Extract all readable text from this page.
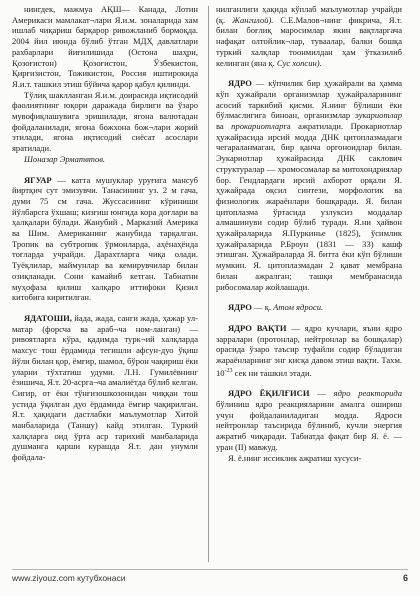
нингдек, мажмуа АҚШ— Канада, Лотин Америкаси мамлакат¬лари Я.и.м. зоналарида хам ишлаб чиқариш барқарор ривожланиб бормоқда. 2004 йил июнда бўлиб ўтган МДҲ давлатлари рахбарлари йиғилишида (Остона шаҳри, Қозоғистон) Қозоғистон, Ўзбекистон, Қирғизистон, Тожикистон, Россия иштирокида Я.и.т. ташкил этиш бўйича қарор қабул қилинди.

Тўлиқ шаклланган Я.и.м. доирасида иқтисодий фаолиятнинг юқори даражада бирлиги ва ўзаро мувофиқлашувига эришилади, ягона валютадан фойдаланилади, ягона божхона бож¬лари жорий этилади, ягона иқтисодий сиёсат асослари яратилади.

Шоназар Эрматвтов.

ЯГУАР — катта мушуклар уруғига мансуб йиртқич сут эмизувчи. Танасининг уз. 2 м гача, думи 75 см гача. Жуссасининг кўриниши йўлбарсга ўхшаш; кизғиш юнгида кора доғлари ва ҳалқалари бўлади. Жанубий , Марказий Америка ва Шим. Американинг жанубида тарқалган. Тропик ва субтропик ўрмонларда, аҳёнаҳёнда тоғларда учрайди. Дарахтларга чиқа олади. Туёқлилар, маймунлар ва кемирувчилар билан озиқланади. Сони камайиб кетган. Табиатни муҳофаза қилиш халқаро иттифоки Қизил китобига киритилган.

ЯДАТОШИ, йада, жада, санги жада, ҳажар ул-матар (форсча ва араб¬ча ном-ланган) — ривоятларга кўра, қадимда турк¬ий халқларда махсус тош ёрдамида тегишли афсун-дуо ўқиш йўли билан қор, ёмғир, шамол, бўрон чақириш ёки уларни тўхтатиш удуми. Л.Н. Гумилёвнинг ёзишича, Я.т. 20-асрга¬ча амалиётда бўлиб келган. Сигир, от ёки тўнғизошкозонидан чиққан тош устида ўқилган дуо ёрдамида ёмғир чақирилган. Я.т. ҳақидаги дастлабки маълумотлар Хитой манбаларида (Таншу) кайд этилган. Туркий халқларга оид ўрта аср тарихий манбаларида душманга қарши курашда Я.т. дан унумли фойдала-

нилганлиги ҳақида кўплаб маълумотлар учрайди (қ. Жангилой). С.Е.Малов¬нинг фикрича, Я.т. билан боғлиқ маросимлар якин вақтларгача нафақат олтойлик¬лар, туваалар, балки бошқа туркий халқлар тоонмилдан ҳам ўтказилиб келинган (яна қ. Сус хопсин).

ЯДРО — кўпчилик бир ҳужайрали ва ҳамма кўп ҳужайрали организмлар ҳужайраларининг асосий таркибий қисми. Я.нинг бўлиши ёки бўлмаслигига биноан, организмлар эукариотлар ва прокариотларга ажратилади. Прокариотлар ҳужайрасида ирсий модда ДНК цитоплазмадаги чегараланмаган, бир қанча оргоноидлар билан. Эукариотлар ҳужайрасида ДНК саклович структуралар — хромосомалар ва митохондриялар бор. Гендлардаги ирсий ахборот орқали Я. ҳужайрада оқсил синтези, морфологик ва физиологик жараёнлари бошқаради. Я. билан цитоплазма ўртасида узлуксиз моддалар алмашинуви содир бўлиб туради. Я.ни ҳайвон ҳужайраларида Я.Пуркинье (1825), ўсимлик ҳужайраларида Р.Броун (1831 — 33) кашф этишган. Ҳужайраларда Я. битта ёки кўп бўлиши мумкин. Я. цитоплазмадан 2 қават мембрана билан ажралган; ташқи мембранасида рибосомалар жойлашади.

ЯДРО — қ. Атом ядроси.

ЯДРО ВАҚТИ — ядро кучлари, яъни ядро зарралари (протонлар, нейтронлар ва бошқалар) орасида ўзаро таъсир туфайли содир бўладиган жараёнларнинг энг кисқа давом этиш вақти. Тахм. $10^{-23}$ сек ни ташкил этади.

ЯДРО ЁҚИЛҒИСИ — ядро реакторида бўлиниш ядро реакцияларини амалга ошириш учун фойдаланиладиган модда. Ядроси нейтронлар таъсирида бўлиниб, кучли энергия ажратиб чиқаради. Табиатда фақат бир Я. ё. — уран (II) мавжуд.

Я. ё.нинг иссиклик ажратиш хусуси-

www.ziyouz.com кутубхонаси	6
